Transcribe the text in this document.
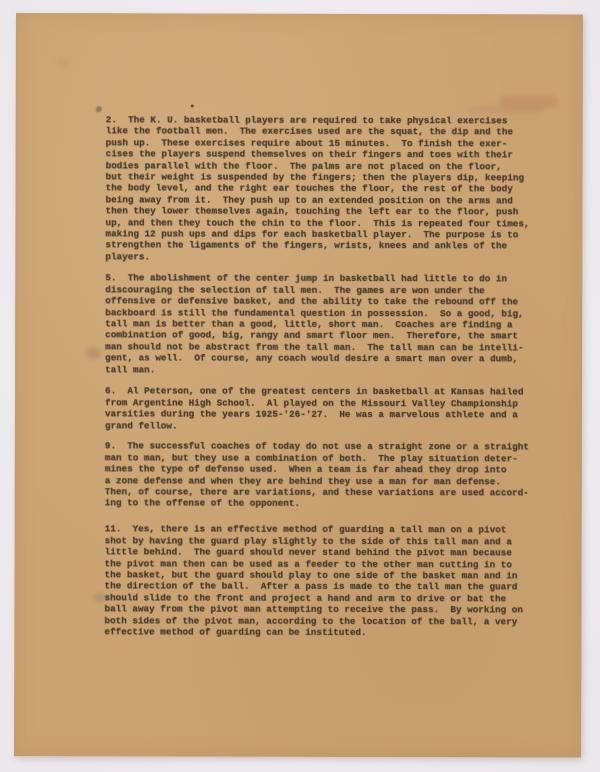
2.  The K. U. basketball players are required to take physical exercises
like the football men.  The exercises used are the squat, the dip and the
push up.  These exercises require about 15 minutes.  To finish the exer-
cises the players suspend themselves on their fingers and toes with their
bodies parallel with the floor.  The palms are not placed on the floor,
but their weight is suspended by the fingers; then the players dip, keeping
the body level, and the right ear touches the floor, the rest of the body
being away from it.  They push up to an extended position on the arms and
then they lower themselves again, touching the left ear to the floor, push
up, and then they touch the chin to the floor.  This is repeated four times,
making 12 push ups and dips for each basketball player.  The purpose is to
strengthen the ligaments of the fingers, wrists, knees and ankles of the
players.
5.  The abolishment of the center jump in basketball had little to do in
discouraging the selection of tall men.  The games are won under the
offensive or defensive basket, and the ability to take the rebound off the
backboard is still the fundamental question in possession.  So a good, big,
tall man is better than a good, little, short man.  Coaches are finding a
combination of good, big, rangy and smart floor men.  Therefore, the smart
man should not be abstract from the tall man.  The tall man can be intelli-
gent, as well.  Of course, any coach would desire a smart man over a dumb,
tall man.
6.  Al Peterson, one of the greatest centers in basketball at Kansas hailed
from Argentine High School.  Al played on the Missouri Valley Championship
varsities during the years 1925-'26-'27.  He was a marvelous athlete and a
grand fellow.
9.  The successful coaches of today do not use a straight zone or a straight
man to man, but they use a combination of both.  The play situation deter-
mines the type of defense used.  When a team is far ahead they drop into
a zone defense and when they are behind they use a man for man defense.
Then, of course, there are variations, and these variations are used accord-
ing to the offense of the opponent.
11.  Yes, there is an effective method of guarding a tall man on a pivot
shot by having the guard play slightly to the side of this tall man and a
little behind.  The guard should never stand behind the pivot man because
the pivot man then can be used as a feeder to the other man cutting in to
the basket, but the guard should play to one side of the basket man and in
the direction of the ball.  After a pass is made to the tall man the guard
should slide to the front and project a hand and arm to drive or bat the
ball away from the pivot man attempting to receive the pass.  By working on
both sides of the pivot man, according to the location of the ball, a very
effective method of guarding can be instituted.
